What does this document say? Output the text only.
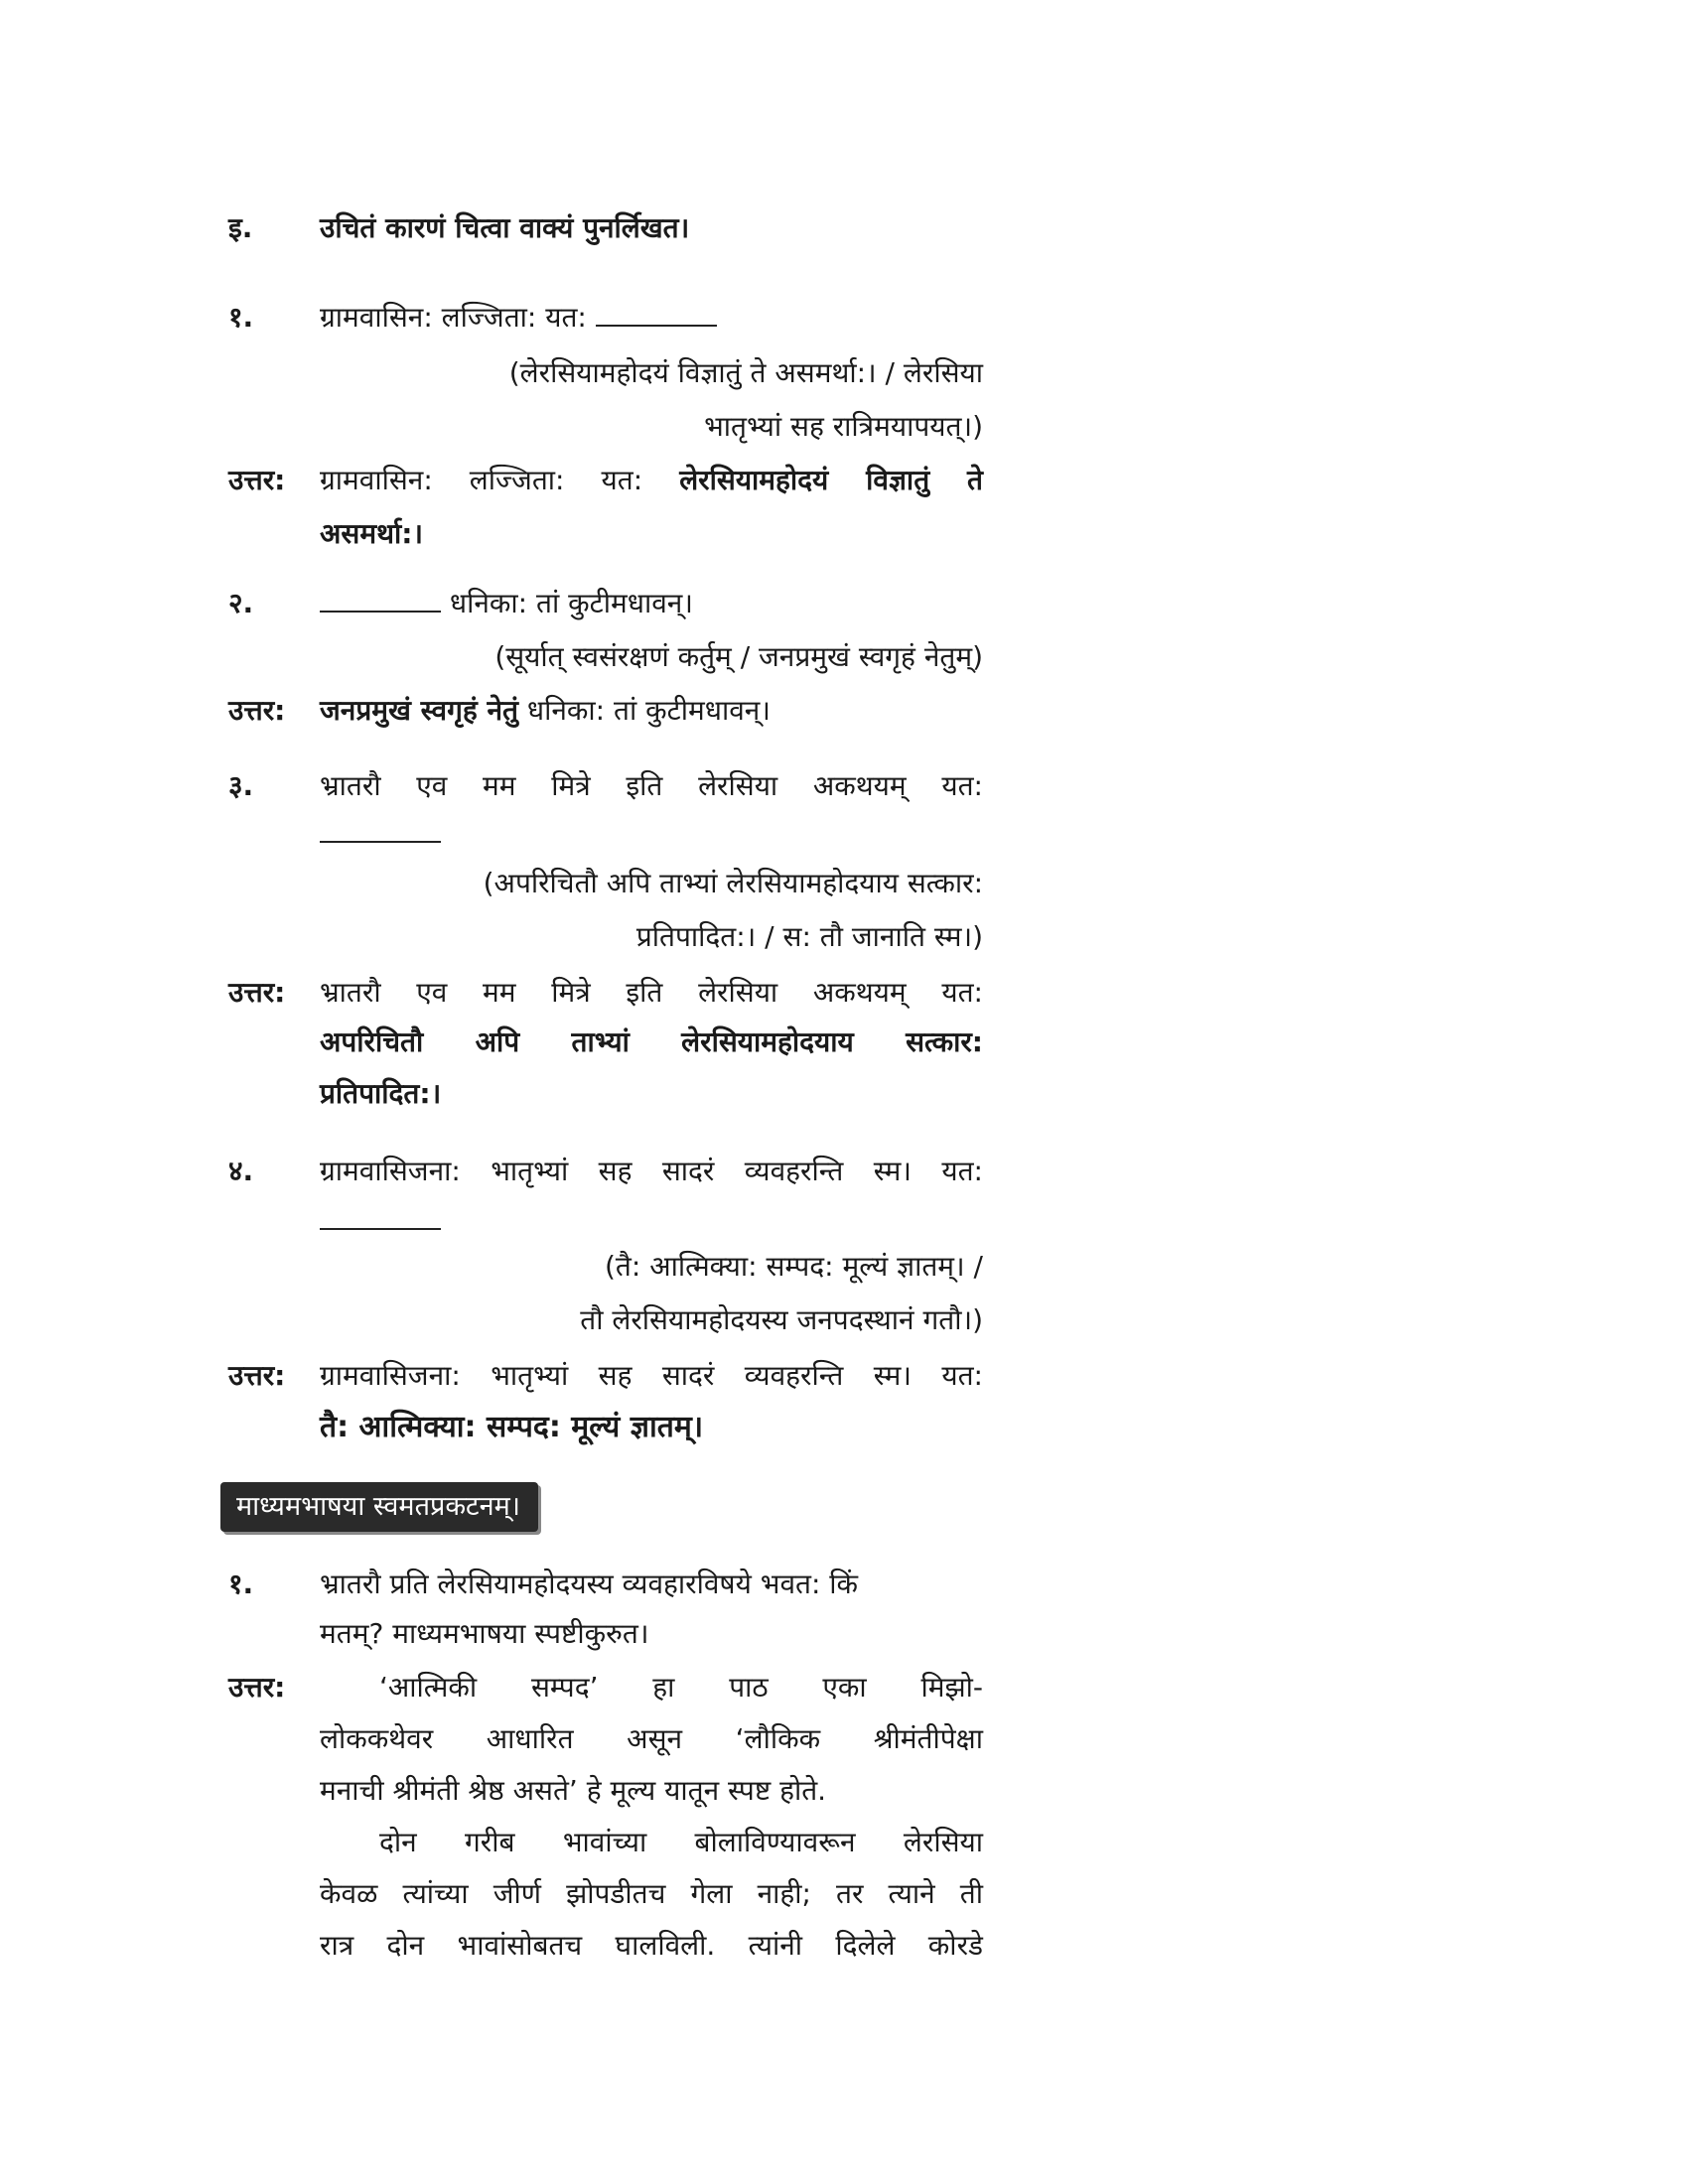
इ.	उचितं कारणं चित्वा वाक्यं पुनर्लिखत।
१.	ग्रामवासिन: लज्जिता: यत:
(लेरसियामहोदयं विज्ञातुं ते असमर्था:। / लेरसिया
भातृभ्यां सह रात्रिमयापयत्।)
उत्तर:	ग्रामवासिन: लज्जिता: यत: लेरसियामहोदयं विज्ञातुं ते
असमर्था:।
२.	धनिका: तां कुटीमधावन्।
(सूर्यात् स्वसंरक्षणं कर्तुम् / जनप्रमुखं स्वगृहं नेतुम्)
उत्तर:	जनप्रमुखं स्वगृहं नेतुं धनिका: तां कुटीमधावन्।
३.	भ्रातरौ एव मम मित्रे इति लेरसिया अकथयम् यत:
(अपरिचितौ अपि ताभ्यां लेरसियामहोदयाय सत्कार:
प्रतिपादित:। / स: तौ जानाति स्म।)
उत्तर:	भ्रातरौ एव मम मित्रे इति लेरसिया अकथयम् यत:
अपरिचितौ अपि ताभ्यां लेरसियामहोदयाय सत्कार:
प्रतिपादित:।
४.	ग्रामवासिजना: भातृभ्यां सह सादरं व्यवहरन्ति स्म। यत:
(तै: आत्मिक्या: सम्पद: मूल्यं ज्ञातम्। /
तौ लेरसियामहोदयस्य जनपदस्थानं गतौ।)
उत्तर:	ग्रामवासिजना: भातृभ्यां सह सादरं व्यवहरन्ति स्म। यत:
तै: आत्मिक्या: सम्पद: मूल्यं ज्ञातम्।
माध्यमभाषया स्वमतप्रकटनम्।
१.	भ्रातरौ प्रति लेरसियामहोदयस्य व्यवहारविषये भवत: किं
मतम्? माध्यमभाषया स्पष्टीकुरुत।
उत्तर:	‘आत्मिकी सम्पद’ हा पाठ एका मिझो-
लोककथेवर आधारित असून ‘लौकिक श्रीमंतीपेक्षा
मनाची श्रीमंती श्रेष्ठ असते’ हे मूल्य यातून स्पष्ट होते.
दोन गरीब भावांच्या बोलाविण्यावरून लेरसिया
केवळ त्यांच्या जीर्ण झोपडीतच गेला नाही; तर त्याने ती
रात्र दोन भावांसोबतच घालविली. त्यांनी दिलेले कोरडे
